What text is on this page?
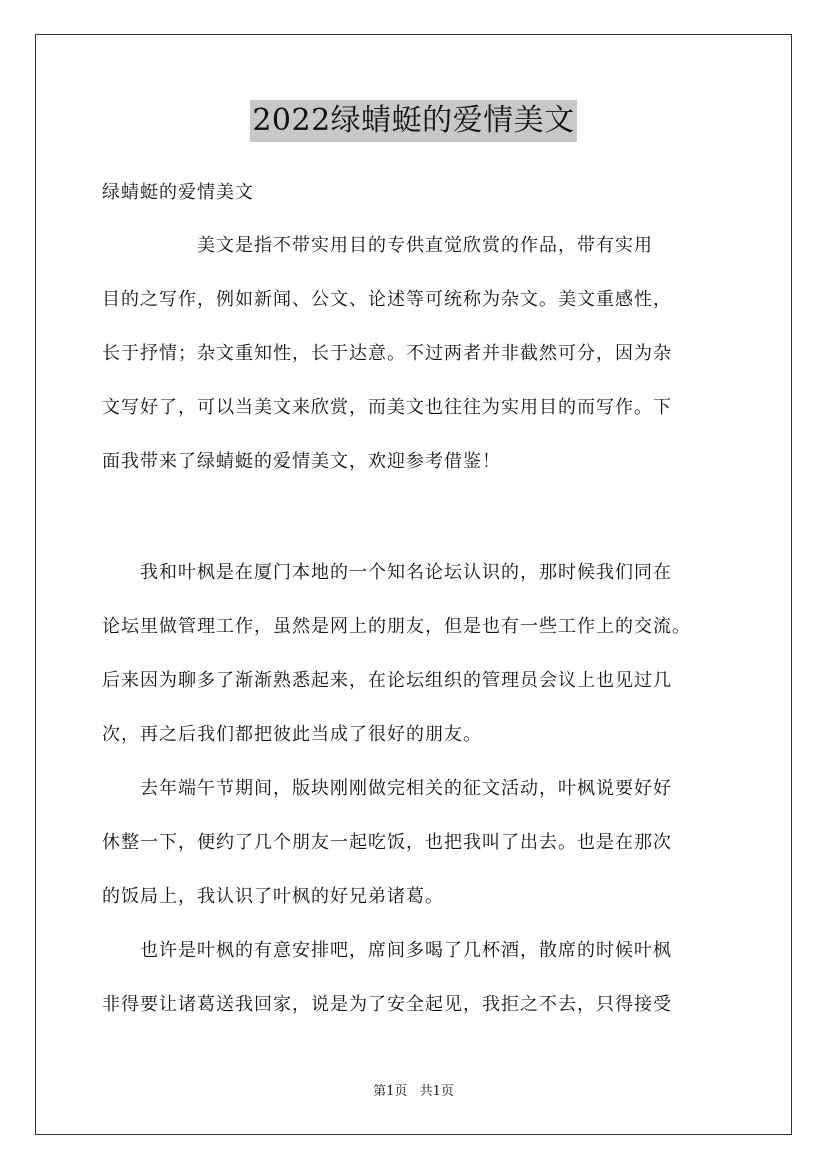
2022绿蜻蜓的爱情美文
绿蜻蜓的爱情美文
　　　　　美文是指不带实用目的专供直觉欣赏的作品，带有实用
目的之写作，例如新闻、公文、论述等可统称为杂文。美文重感性，
长于抒情；杂文重知性，长于达意。不过两者并非截然可分，因为杂
文写好了，可以当美文来欣赏，而美文也往往为实用目的而写作。下
面我带来了绿蜻蜓的爱情美文，欢迎参考借鉴！
　　我和叶枫是在厦门本地的一个知名论坛认识的，那时候我们同在
论坛里做管理工作，虽然是网上的朋友，但是也有一些工作上的交流。
后来因为聊多了渐渐熟悉起来，在论坛组织的管理员会议上也见过几
次，再之后我们都把彼此当成了很好的朋友。
　　去年端午节期间，版块刚刚做完相关的征文活动，叶枫说要好好
休整一下，便约了几个朋友一起吃饭，也把我叫了出去。也是在那次
的饭局上，我认识了叶枫的好兄弟诸葛。
　　也许是叶枫的有意安排吧，席间多喝了几杯酒，散席的时候叶枫
非得要让诸葛送我回家，说是为了安全起见，我拒之不去，只得接受
第1页 共1页
